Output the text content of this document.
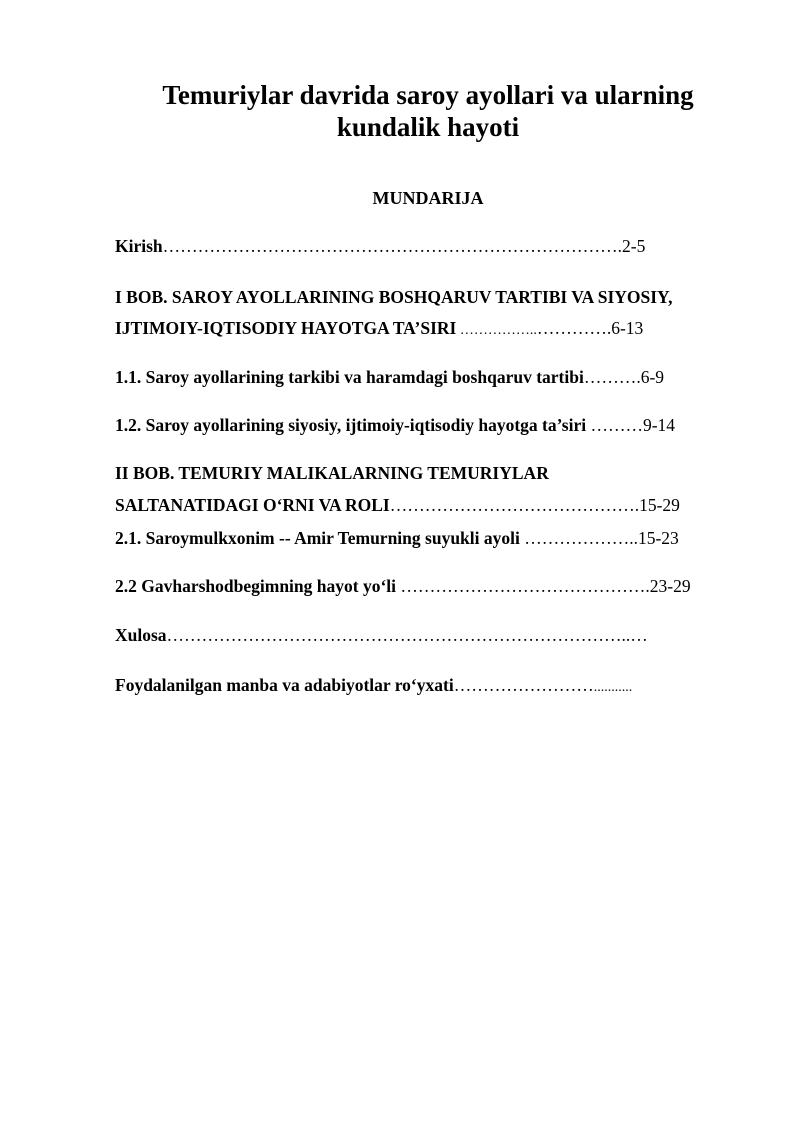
Temuriylar davrida saroy ayollari va ularning
kundalik hayoti
MUNDARIJA
Kirish…………………………………………………………………….2-5
I BOB. SAROY AYOLLARINING BOSHQARUV TARTIBI VA SIYOSIY,
IJTIMOIY-IQTISODIY HAYOTGA TA’SIRI ……………..………….6-13
1.1. Saroy ayollarining tarkibi va haramdagi boshqaruv tartibi……….6-9
1.2. Saroy ayollarining siyosiy, ijtimoiy-iqtisodiy hayotga ta’siri ………9-14
II BOB. TEMURIY MALIKALARNING TEMURIYLAR
SALTANATIDAGI O‘RNI VA ROLI…………………………………….15-29
2.1. Saroymulkxonim -- Amir Temurning suyukli ayoli ………………..15-23
2.2 Gavharshodbegimning hayot yo‘li …………………………………….23-29
Xulosa……………………………………………………………………..…
Foydalanilgan manba va adabiyotlar ro‘yxati……………………...........
